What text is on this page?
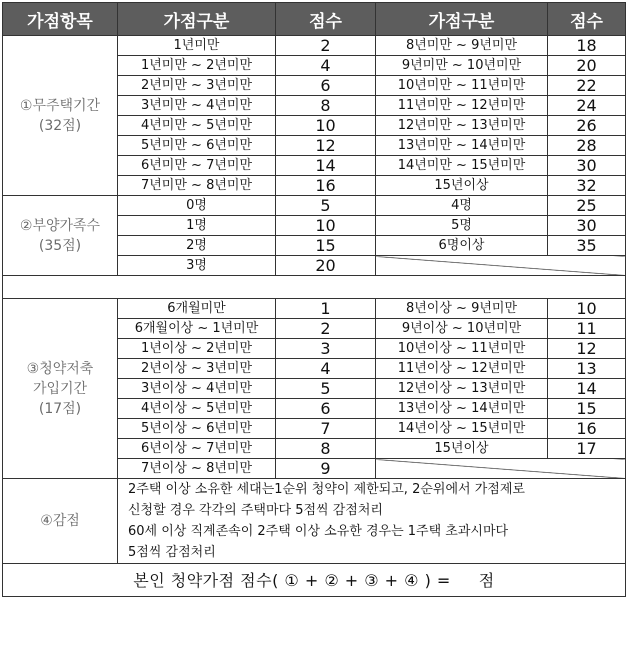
가점항목	가점구분	점수	가점구분	점수
①무주택기간
(32점)	1년미만	2	8년미만 ~ 9년미만	18
	1년미만 ~ 2년미만	4	9년미만 ~ 10년미만	20
	2년미만 ~ 3년미만	6	10년미만 ~ 11년미만	22
	3년미만 ~ 4년미만	8	11년미만 ~ 12년미만	24
	4년미만 ~ 5년미만	10	12년미만 ~ 13년미만	26
	5년미만 ~ 6년미만	12	13년미만 ~ 14년미만	28
	6년미만 ~ 7년미만	14	14년미만 ~ 15년미만	30
	7년미만 ~ 8년미만	16	15년이상	32
②부양가족수
(35점)	0명	5	4명	25
	1명	10	5명	30
	2명	15	6명이상	35
	3명	20		

③청약저축
가입기간
(17점)	6개월미만	1	8년이상 ~ 9년미만	10
	6개월이상 ~ 1년미만	2	9년이상 ~ 10년미만	11
	1년이상 ~ 2년미만	3	10년이상 ~ 11년미만	12
	2년이상 ~ 3년미만	4	11년이상 ~ 12년미만	13
	3년이상 ~ 4년미만	5	12년이상 ~ 13년미만	14
	4년이상 ~ 5년미만	6	13년이상 ~ 14년미만	15
	5년이상 ~ 6년미만	7	14년이상 ~ 15년미만	16
	6년이상 ~ 7년미만	8	15년이상	17
	7년이상 ~ 8년미만	9		
④감점	2주택 이상 소유한 세대는1순위 청약이 제한되고, 2순위에서 가점제로
신청할 경우 각각의 주택마다 5점씩 감점처리
60세 이상 직계존속이 2주택 이상 소유한 경우는 1주택 초과시마다
5점씩 감점처리			

본인 청약가점 점수( ① + ② + ③ + ④ ) =     점				
